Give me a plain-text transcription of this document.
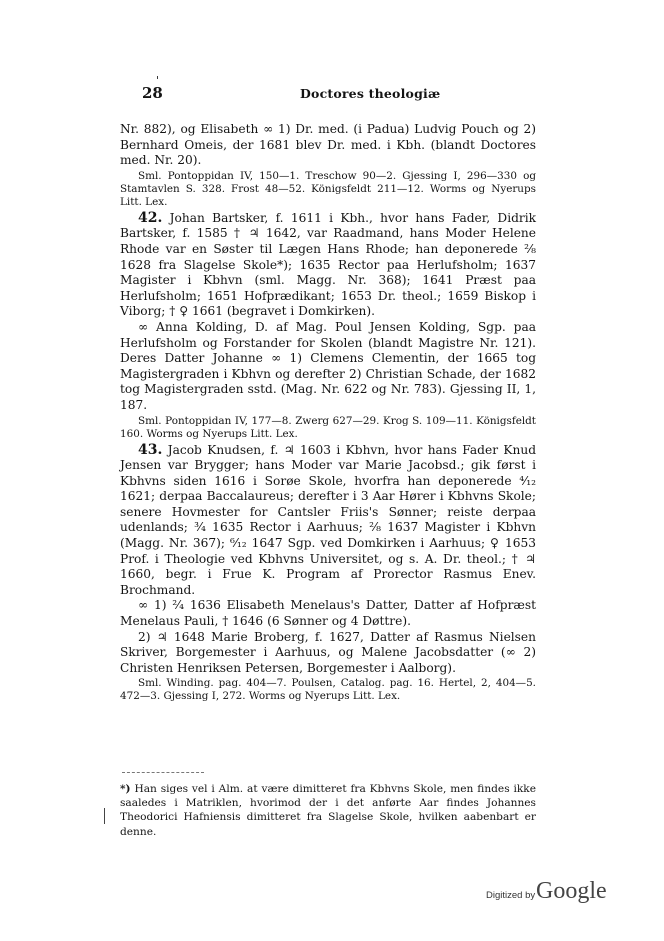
'
28	Doctores theologiæ

Nr. 882), og Elisabeth ∞ 1) Dr. med. (i Padua) Ludvig Pouch og 2) Bernhard Omeis, der 1681 blev Dr. med. i Kbh. (blandt Doctores med. Nr. 20).

Sml. Pontoppidan IV, 150—1. Treschow 90—2. Gjessing I, 296—330 og Stamtavlen S. 328. Frost 48—52. Königsfeldt 211—12. Worms og Nyerups Litt. Lex.

42. Johan Bartsker, f. 1611 i Kbh., hvor hans Fader, Didrik Bartsker, f. 1585 † ♃ 1642, var Raadmand, hans Moder Helene Rhode var en Søster til Lægen Hans Rhode; han deponerede ²⁄₈ 1628 fra Slagelse Skole*); 1635 Rector paa Herlufsholm; 1637 Magister i Kbhvn (sml. Magg. Nr. 368); 1641 Præst paa Herlufsholm; 1651 Hofprædikant; 1653 Dr. theol.; 1659 Biskop i Viborg; † ♀ 1661 (begravet i Domkirken).

∞ Anna Kolding, D. af Mag. Poul Jensen Kolding, Sgp. paa Herlufsholm og Forstander for Skolen (blandt Magistre Nr. 121). Deres Datter Johanne ∞ 1) Clemens Clementin, der 1665 tog Magistergraden i Kbhvn og derefter 2) Christian Schade, der 1682 tog Magistergraden sstd. (Mag. Nr. 622 og Nr. 783). Gjessing II, 1, 187.

Sml. Pontoppidan IV, 177—8. Zwerg 627—29. Krog S. 109—11. Königsfeldt 160. Worms og Nyerups Litt. Lex.

43. Jacob Knudsen, f. ♃ 1603 i Kbhvn, hvor hans Fader Knud Jensen var Brygger; hans Moder var Marie Jacobsd.; gik først i Kbhvns siden 1616 i Sorøe Skole, hvorfra han deponerede ⁴⁄₁₂ 1621; derpaa Baccalaureus; derefter i 3 Aar Hører i Kbhvns Skole; senere Hovmester for Cantsler Friis's Sønner; reiste derpaa udenlands; ³⁄₄ 1635 Rector i Aarhuus; ²⁄₈ 1637 Magister i Kbhvn (Magg. Nr. 367); ⁶⁄₁₂ 1647 Sgp. ved Domkirken i Aarhuus; ♀ 1653 Prof. i Theologie ved Kbhvns Universitet, og s. A. Dr. theol.; † ♃ 1660, begr. i Frue K. Program af Prorector Rasmus Enev. Brochmand.

∞ 1) ²⁄₄ 1636 Elisabeth Menelaus's Datter, Datter af Hofpræst Menelaus Pauli, † 1646 (6 Sønner og 4 Døttre).

2) ♃ 1648 Marie Broberg, f. 1627, Datter af Rasmus Nielsen Skriver, Borgemester i Aarhuus, og Malene Jacobsdatter (∞ 2) Christen Henriksen Petersen, Borgemester i Aalborg).

Sml. Winding. pag. 404—7. Poulsen, Catalog. pag. 16. Hertel, 2, 404—5. 472—3. Gjessing I, 272. Worms og Nyerups Litt. Lex.

*) Han siges vel i Alm. at være dimitteret fra Kbhvns Skole, men findes ikke saaledes i Matriklen, hvorimod der i det anførte Aar findes Johannes Theodorici Hafniensis dimitteret fra Slagelse Skole, hvilken aabenbart er denne.
Digitized by Google
